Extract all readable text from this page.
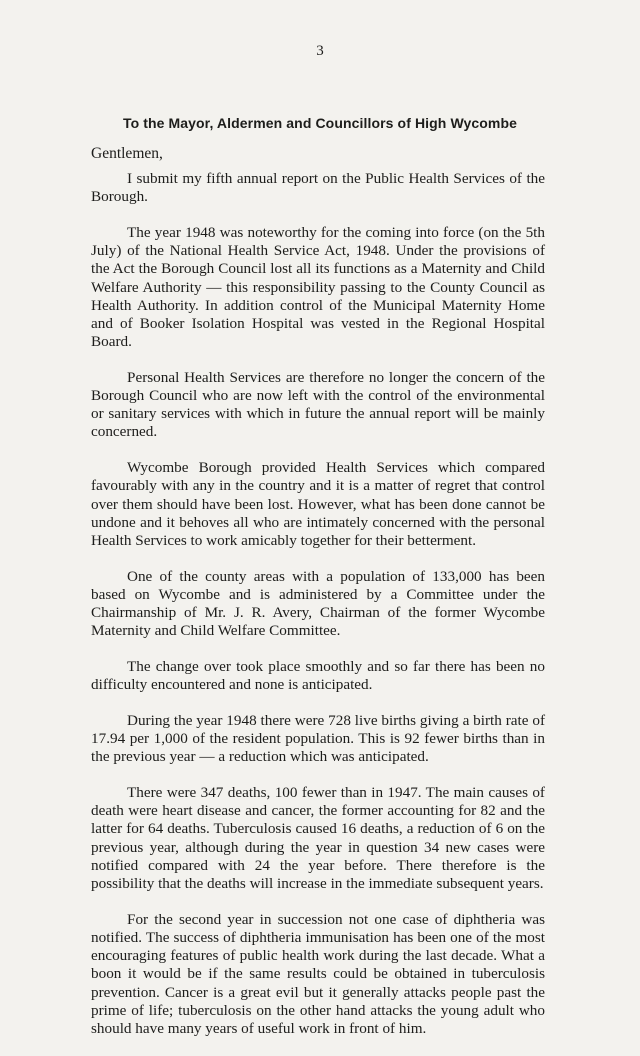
3
To the Mayor, Aldermen and Councillors of High Wycombe
Gentlemen,

I submit my fifth annual report on the Public Health Services of the Borough.

The year 1948 was noteworthy for the coming into force (on the 5th July) of the National Health Service Act, 1948. Under the provisions of the Act the Borough Council lost all its functions as a Maternity and Child Welfare Authority — this responsibility passing to the County Council as Health Authority. In addition control of the Municipal Maternity Home and of Booker Isolation Hospital was vested in the Regional Hospital Board.

Personal Health Services are therefore no longer the concern of the Borough Council who are now left with the control of the environmental or sanitary services with which in future the annual report will be mainly concerned.

Wycombe Borough provided Health Services which compared favourably with any in the country and it is a matter of regret that control over them should have been lost. However, what has been done cannot be undone and it behoves all who are intimately concerned with the personal Health Services to work amicably together for their betterment.

One of the county areas with a population of 133,000 has been based on Wycombe and is administered by a Committee under the Chairmanship of Mr. J. R. Avery, Chairman of the former Wycombe Maternity and Child Welfare Committee.

The change over took place smoothly and so far there has been no difficulty encountered and none is anticipated.

During the year 1948 there were 728 live births giving a birth rate of 17.94 per 1,000 of the resident population. This is 92 fewer births than in the previous year — a reduction which was anticipated.

There were 347 deaths, 100 fewer than in 1947. The main causes of death were heart disease and cancer, the former accounting for 82 and the latter for 64 deaths. Tuberculosis caused 16 deaths, a reduction of 6 on the previous year, although during the year in question 34 new cases were notified compared with 24 the year before. There therefore is the possibility that the deaths will increase in the immediate subsequent years.

For the second year in succession not one case of diphtheria was notified. The success of diphtheria immunisation has been one of the most encouraging features of public health work during the last decade. What a boon it would be if the same results could be obtained in tuberculosis prevention. Cancer is a great evil but it generally attacks people past the prime of life; tuberculosis on the other hand attacks the young adult who should have many years of useful work in front of him.
